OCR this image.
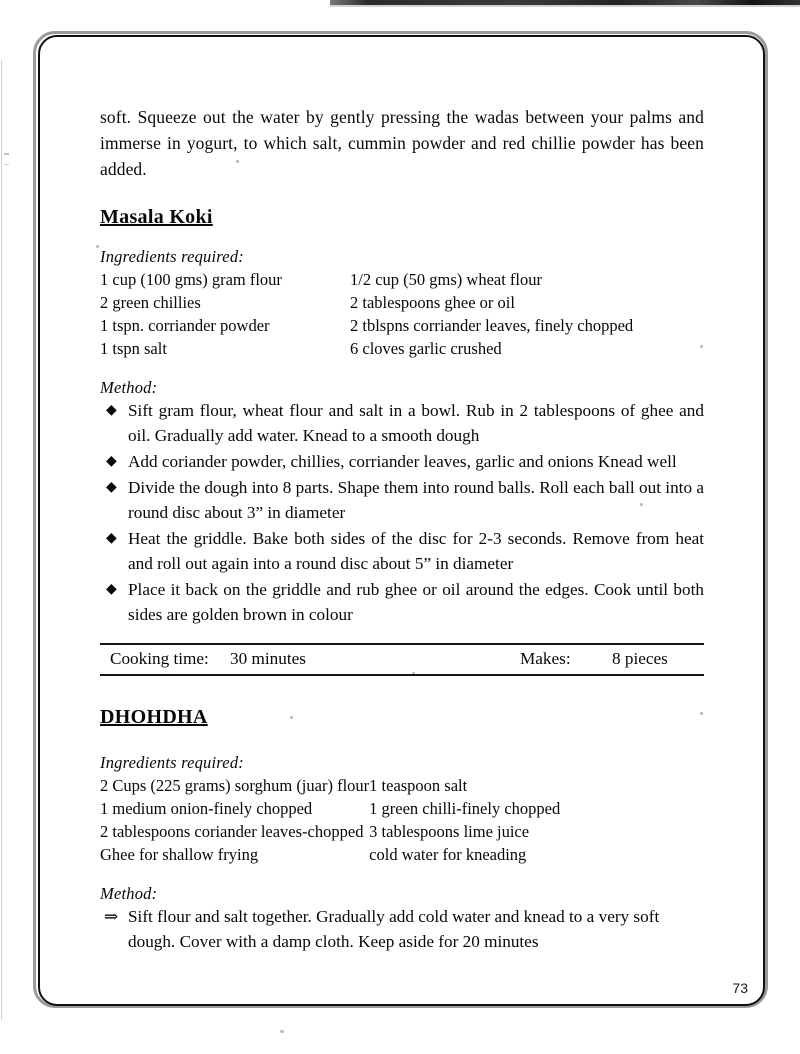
soft. Squeeze out the water by gently pressing the wadas between your palms and immerse in yogurt, to which salt, cummin powder and red chillie powder has been added.

Masala Koki

Ingredients required:

1 cup (100 gms) gram flour	1/2 cup (50 gms) wheat flour
2 green chillies	2 tablespoons ghee or oil
1 tspn. corriander powder	2 tblspns corriander leaves, finely chopped
1 tspn salt	6 cloves garlic crushed

Method:

◆ Sift gram flour, wheat flour and salt in a bowl. Rub in 2 tablespoons of ghee and oil. Gradually add water. Knead to a smooth dough
◆ Add coriander powder, chillies, corriander leaves, garlic and onions Knead well
◆ Divide the dough into 8 parts. Shape them into round balls. Roll each ball out into a round disc about 3” in diameter
◆ Heat the griddle. Bake both sides of the disc for 2-3 seconds. Remove from heat and roll out again into a round disc about 5” in diameter
◆ Place it back on the griddle and rub ghee or oil around the edges. Cook until both sides are golden brown in colour
Cooking time:	30 minutes	Makes:	8 pieces
DHOHDHA

Ingredients required:

2 Cups (225 grams) sorghum (juar) flour	1 teaspoon salt
1 medium onion-finely chopped	1 green chilli-finely chopped
2 tablespoons coriander leaves-chopped	3 tablespoons lime juice
Ghee for shallow frying	cold water for kneading

Method:

⇒ Sift flour and salt together. Gradually add cold water and knead to a very soft dough. Cover with a damp cloth. Keep aside for 20 minutes
73
